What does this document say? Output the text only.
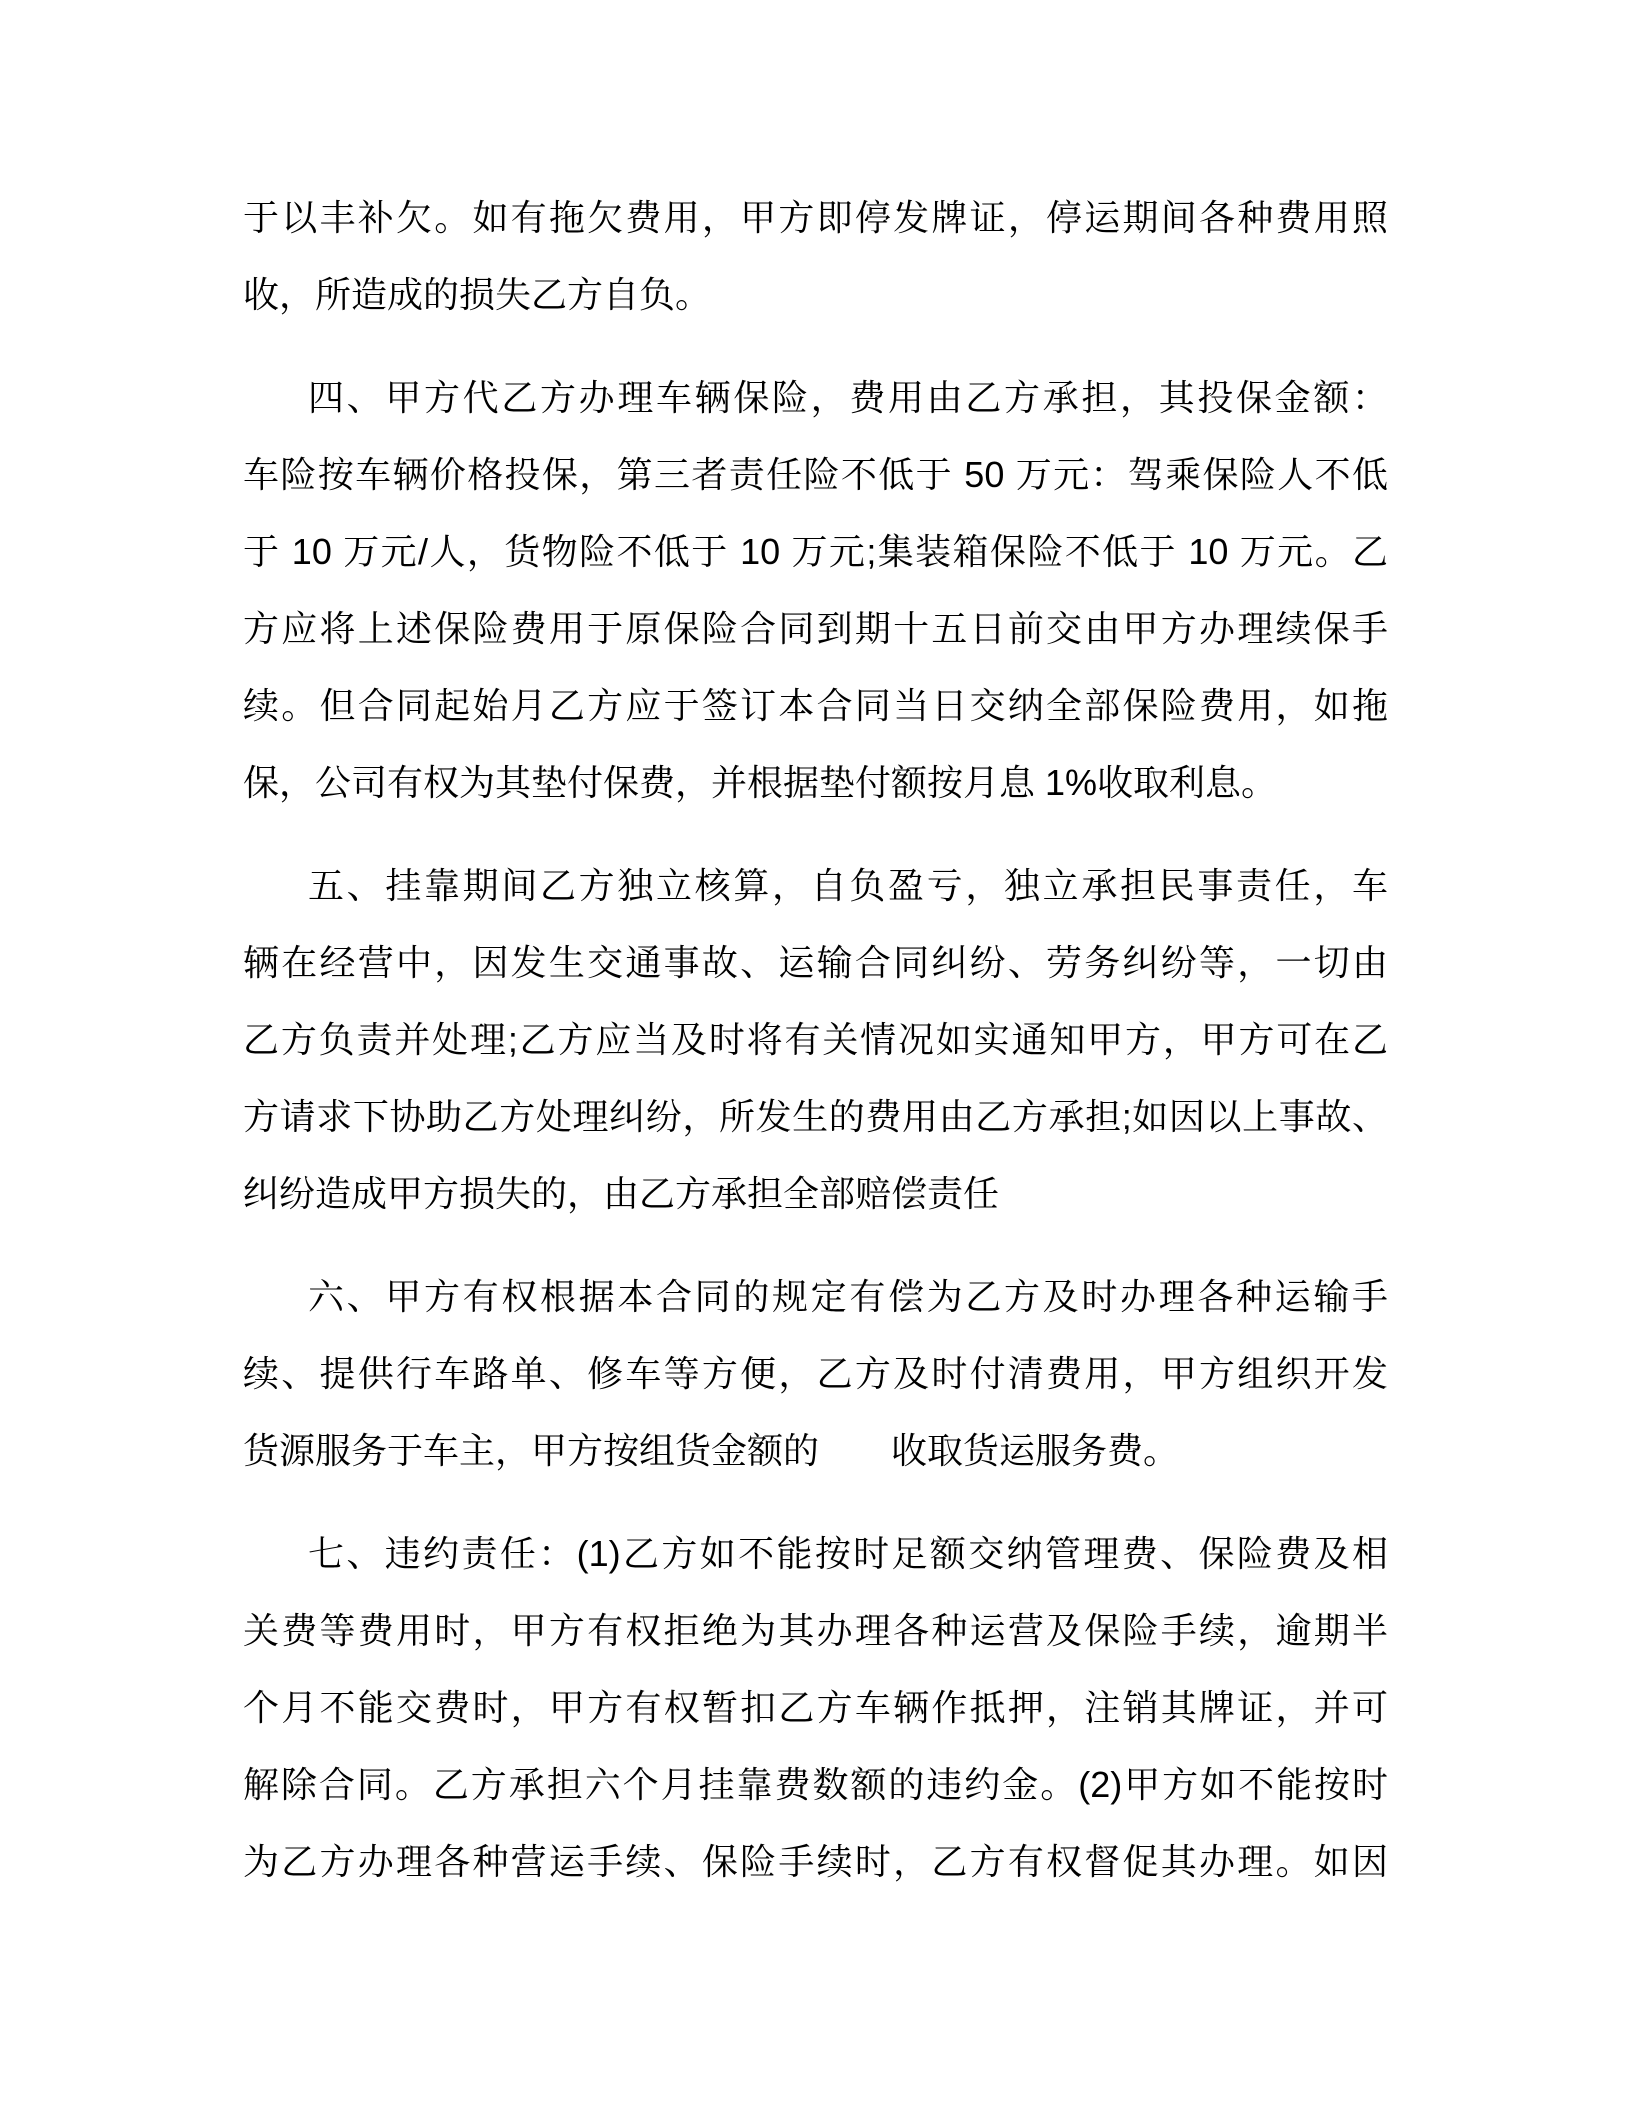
于以丰补欠。如有拖欠费用，甲方即停发牌证，停运期间各种费用照
收，所造成的损失乙方自负。
四、甲方代乙方办理车辆保险，费用由乙方承担，其投保金额：
车险按车辆价格投保，第三者责任险不低于 50 万元：驾乘保险人不低
于 10 万元/人，货物险不低于 10 万元;集装箱保险不低于 10 万元。乙
方应将上述保险费用于原保险合同到期十五日前交由甲方办理续保手
续。但合同起始月乙方应于签订本合同当日交纳全部保险费用，如拖
保，公司有权为其垫付保费，并根据垫付额按月息 1%收取利息。
五、挂靠期间乙方独立核算，自负盈亏，独立承担民事责任，车
辆在经营中，因发生交通事故、运输合同纠纷、劳务纠纷等，一切由
乙方负责并处理;乙方应当及时将有关情况如实通知甲方，甲方可在乙
方请求下协助乙方处理纠纷，所发生的费用由乙方承担;如因以上事故、
纠纷造成甲方损失的，由乙方承担全部赔偿责任
六、甲方有权根据本合同的规定有偿为乙方及时办理各种运输手
续、提供行车路单、修车等方便，乙方及时付清费用，甲方组织开发
货源服务于车主，甲方按组货金额的　　收取货运服务费。
七、违约责任：(1)乙方如不能按时足额交纳管理费、保险费及相
关费等费用时，甲方有权拒绝为其办理各种运营及保险手续，逾期半
个月不能交费时，甲方有权暂扣乙方车辆作抵押，注销其牌证，并可
解除合同。乙方承担六个月挂靠费数额的违约金。(2)甲方如不能按时
为乙方办理各种营运手续、保险手续时，乙方有权督促其办理。如因
